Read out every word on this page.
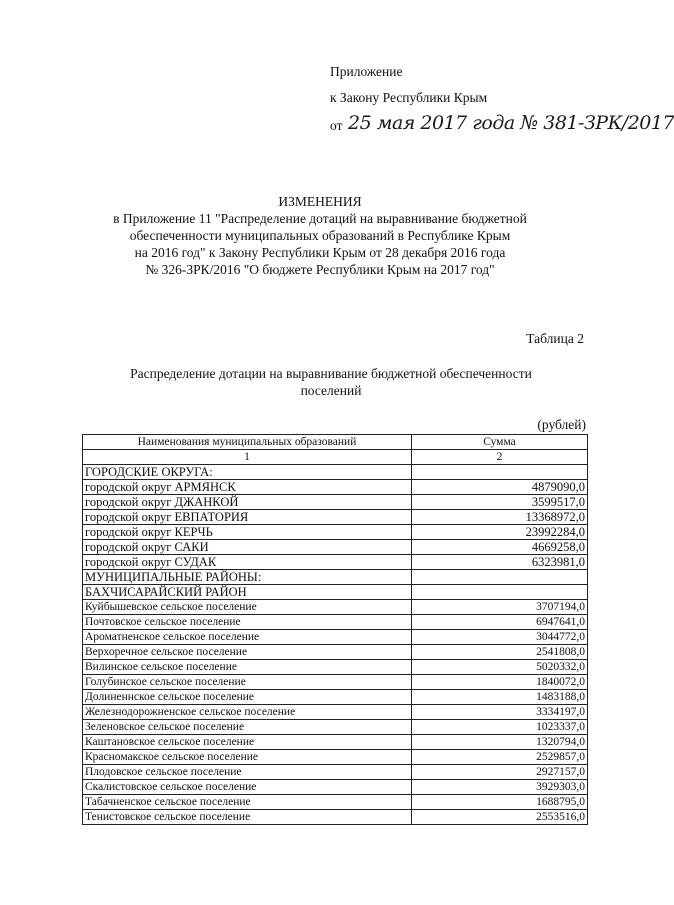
Приложение
к Закону Республики Крым
от 25 мая 2017 года № 381-ЗРК/2017
ИЗМЕНЕНИЯ
в Приложение 11 "Распределение дотаций на выравнивание бюджетной
обеспеченности муниципальных образований в Республике Крым
на 2016 год" к Закону Республики Крым от 28 декабря 2016 года
№ 326-ЗРК/2016 "О бюджете Республики Крым на 2017 год"
Таблица 2
Распределение дотации на выравнивание бюджетной обеспеченности
поселений
(рублей)
Наименования муниципальных образований	Сумма
1	2
ГОРОДСКИЕ ОКРУГА:	
городской округ АРМЯНСК	4879090,0
городской округ ДЖАНКОЙ	3599517,0
городской округ ЕВПАТОРИЯ	13368972,0
городской округ КЕРЧЬ	23992284,0
городской округ САКИ	4669258,0
городской округ СУДАК	6323981,0
МУНИЦИПАЛЬНЫЕ РАЙОНЫ:	
БАХЧИСАРАЙСКИЙ РАЙОН	
Куйбышевское сельское поселение	3707194,0
Почтовское сельское поселение	6947641,0
Ароматненское сельское поселение	3044772,0
Верхоречное сельское поселение	2541808,0
Вилинское сельское поселение	5020332,0
Голубинское сельское поселение	1840072,0
Долиненнское сельское поселение	1483188,0
Железнодорожненское сельское поселение	3334197,0
Зеленовское сельское поселение	1023337,0
Каштановское сельское поселение	1320794,0
Красномакское сельское поселение	2529857,0
Плодовское сельское поселение	2927157,0
Скалистовское сельское поселение	3929303,0
Табачненское сельское поселение	1688795,0
Тенистовское сельское поселение	2553516,0
